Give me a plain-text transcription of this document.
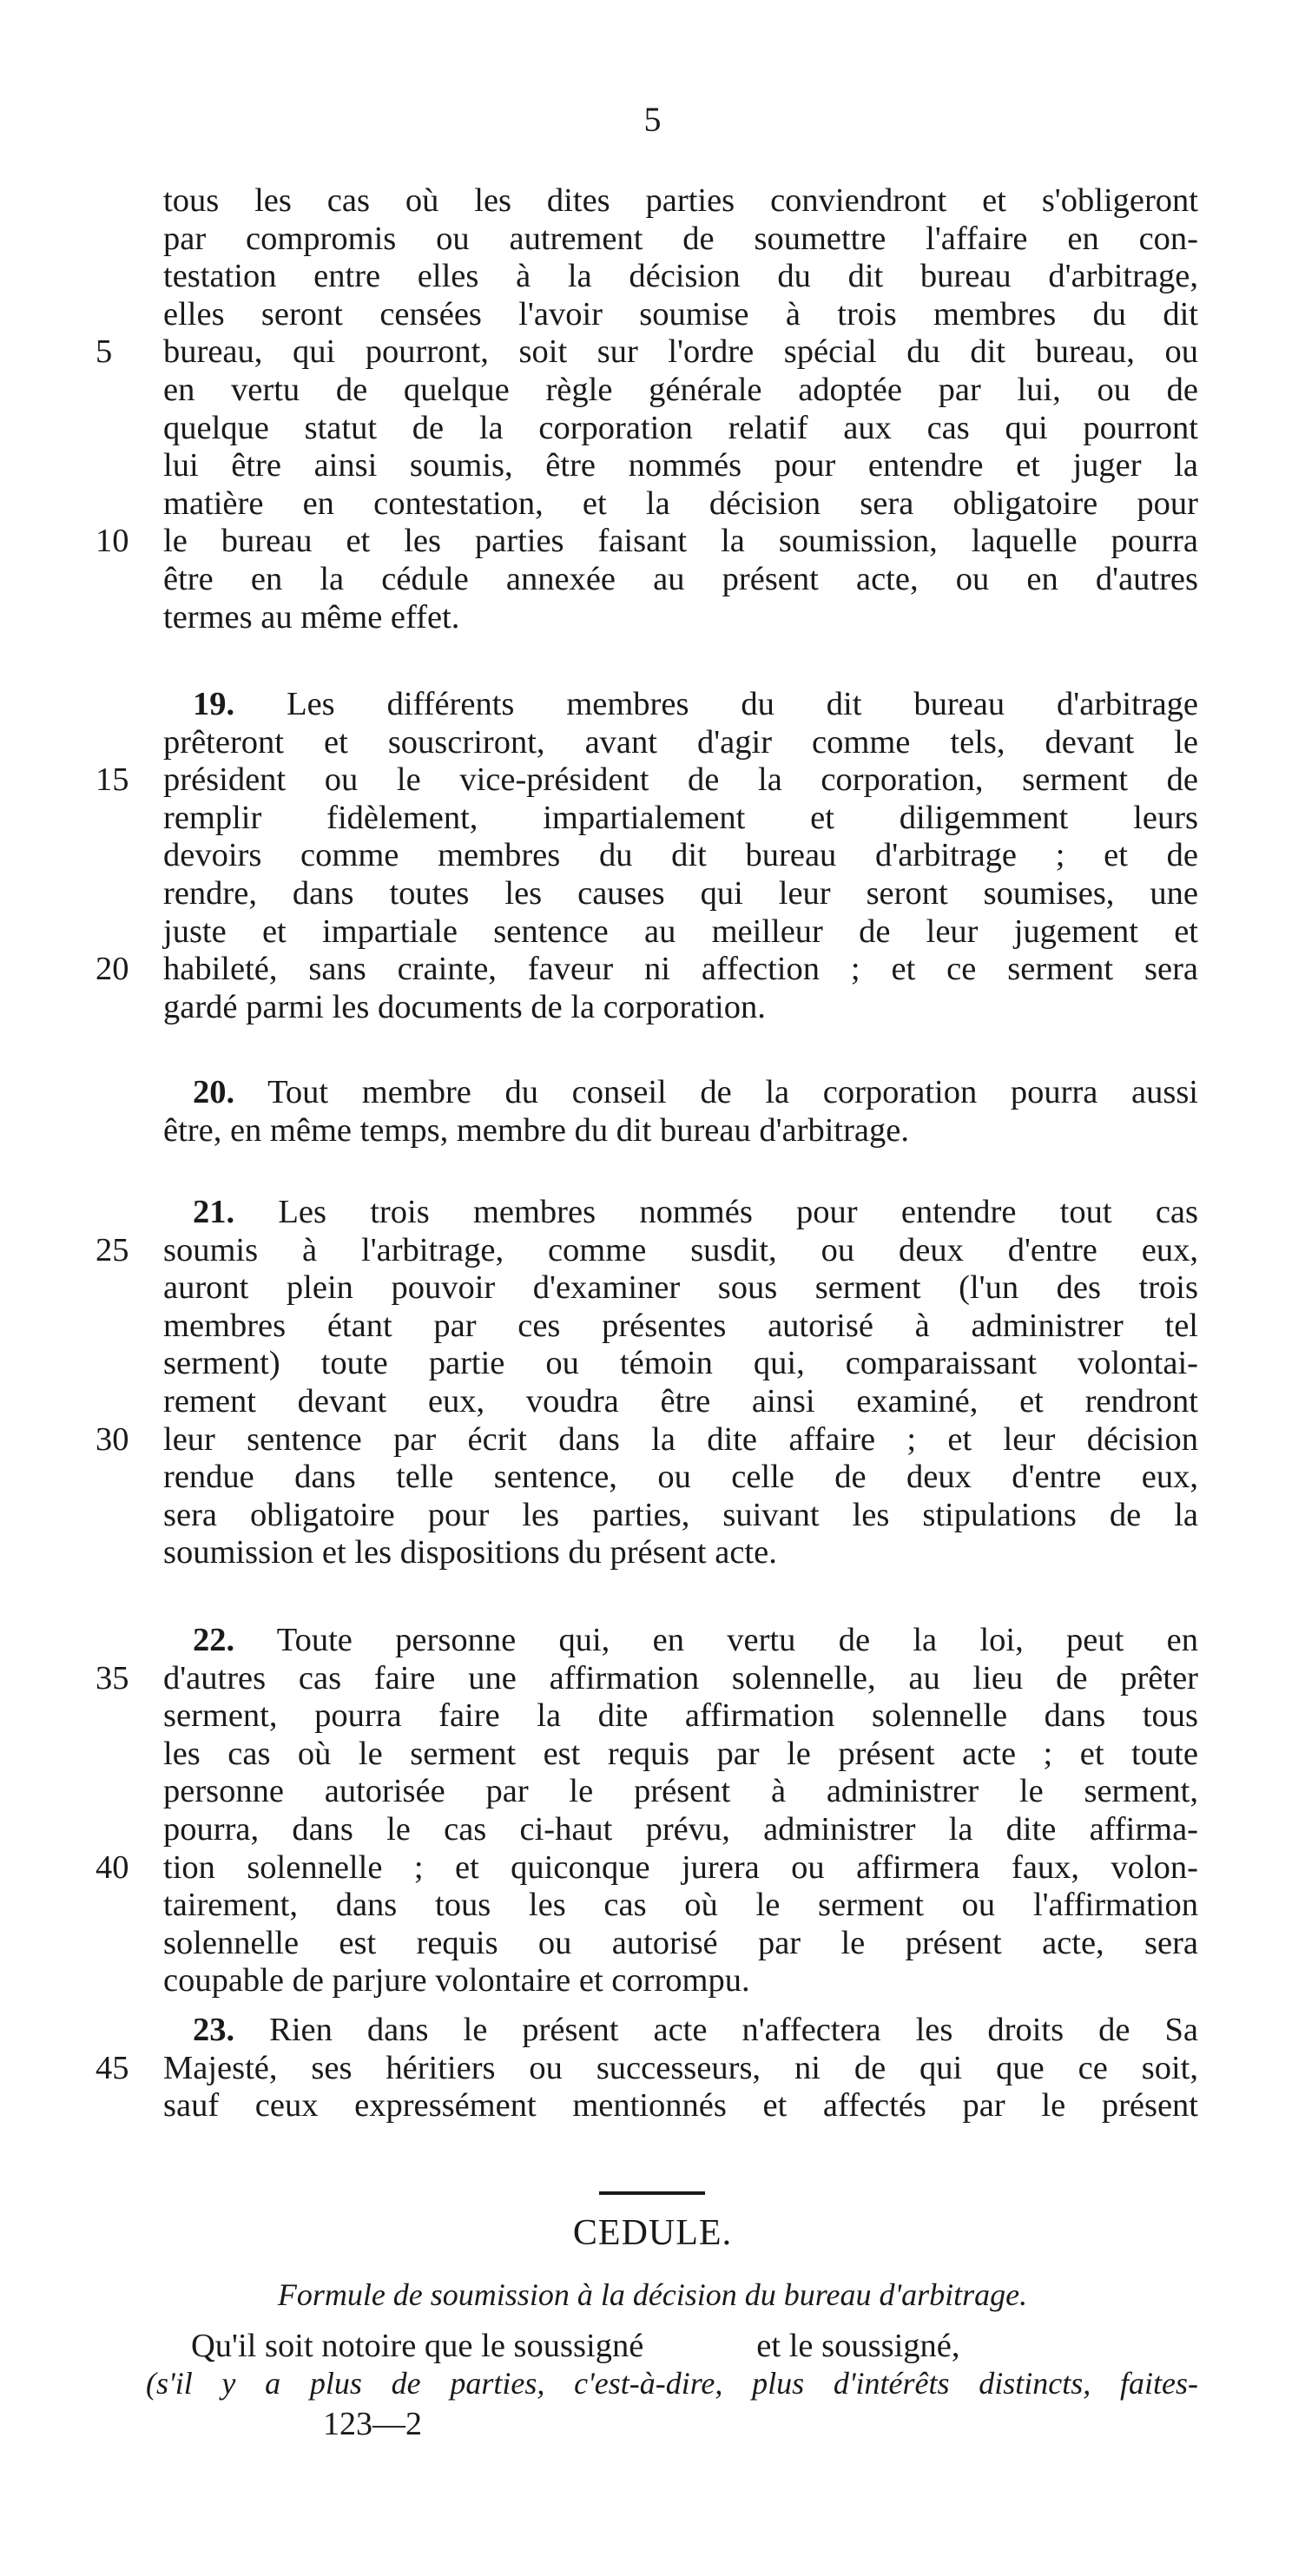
5
tous les cas où les dites parties conviendront et s'obligeront
par compromis ou autrement de soumettre l'affaire en con-
testation entre elles à la décision du dit bureau d'arbitrage,
elles seront censées l'avoir soumise à trois membres du dit
5	bureau, qui pourront, soit sur l'ordre spécial du dit bureau, ou
en vertu de quelque règle générale adoptée par lui, ou de
quelque statut de la corporation relatif aux cas qui pourront
lui être ainsi soumis, être nommés pour entendre et juger la
matière en contestation, et la décision sera obligatoire pour
10	le bureau et les parties faisant la soumission, laquelle pourra
être en la cédule annexée au présent acte, ou en d'autres
termes au même effet.
19. Les différents membres du dit bureau d'arbitrage
prêteront et souscriront, avant d'agir comme tels, devant le
15	président ou le vice-président de la corporation, serment de
remplir fidèlement, impartialement et diligemment leurs
devoirs comme membres du dit bureau d'arbitrage ; et de
rendre, dans toutes les causes qui leur seront soumises, une
juste et impartiale sentence au meilleur de leur jugement et
20	habileté, sans crainte, faveur ni affection ; et ce serment sera
gardé parmi les documents de la corporation.
20. Tout membre du conseil de la corporation pourra aussi
être, en même temps, membre du dit bureau d'arbitrage.
21. Les trois membres nommés pour entendre tout cas
25	soumis à l'arbitrage, comme susdit, ou deux d'entre eux,
auront plein pouvoir d'examiner sous serment (l'un des trois
membres étant par ces présentes autorisé à administrer tel
serment) toute partie ou témoin qui, comparaissant volontai-
rement devant eux, voudra être ainsi examiné, et rendront
30	leur sentence par écrit dans la dite affaire ; et leur décision
rendue dans telle sentence, ou celle de deux d'entre eux,
sera obligatoire pour les parties, suivant les stipulations de la
soumission et les dispositions du présent acte.
22. Toute personne qui, en vertu de la loi, peut en
35	d'autres cas faire une affirmation solennelle, au lieu de prêter
serment, pourra faire la dite affirmation solennelle dans tous
les cas où le serment est requis par le présent acte ; et toute
personne autorisée par le présent à administrer le serment,
pourra, dans le cas ci-haut prévu, administrer la dite affirma-
40	tion solennelle ; et quiconque jurera ou affirmera faux, volon-
tairement, dans tous les cas où le serment ou l'affirmation
solennelle est requis ou autorisé par le présent acte, sera
coupable de parjure volontaire et corrompu.
23. Rien dans le présent acte n'affectera les droits de Sa
45	Majesté, ses héritiers ou successeurs, ni de qui que ce soit,
sauf ceux expressément mentionnés et affectés par le présent
CEDULE.
Formule de soumission à la décision du bureau d'arbitrage.
Qu'il soit notoire que le soussigné	et le soussigné,
(s'il y a plus de parties, c'est-à-dire, plus d'intérêts distincts, faites-
123—2
